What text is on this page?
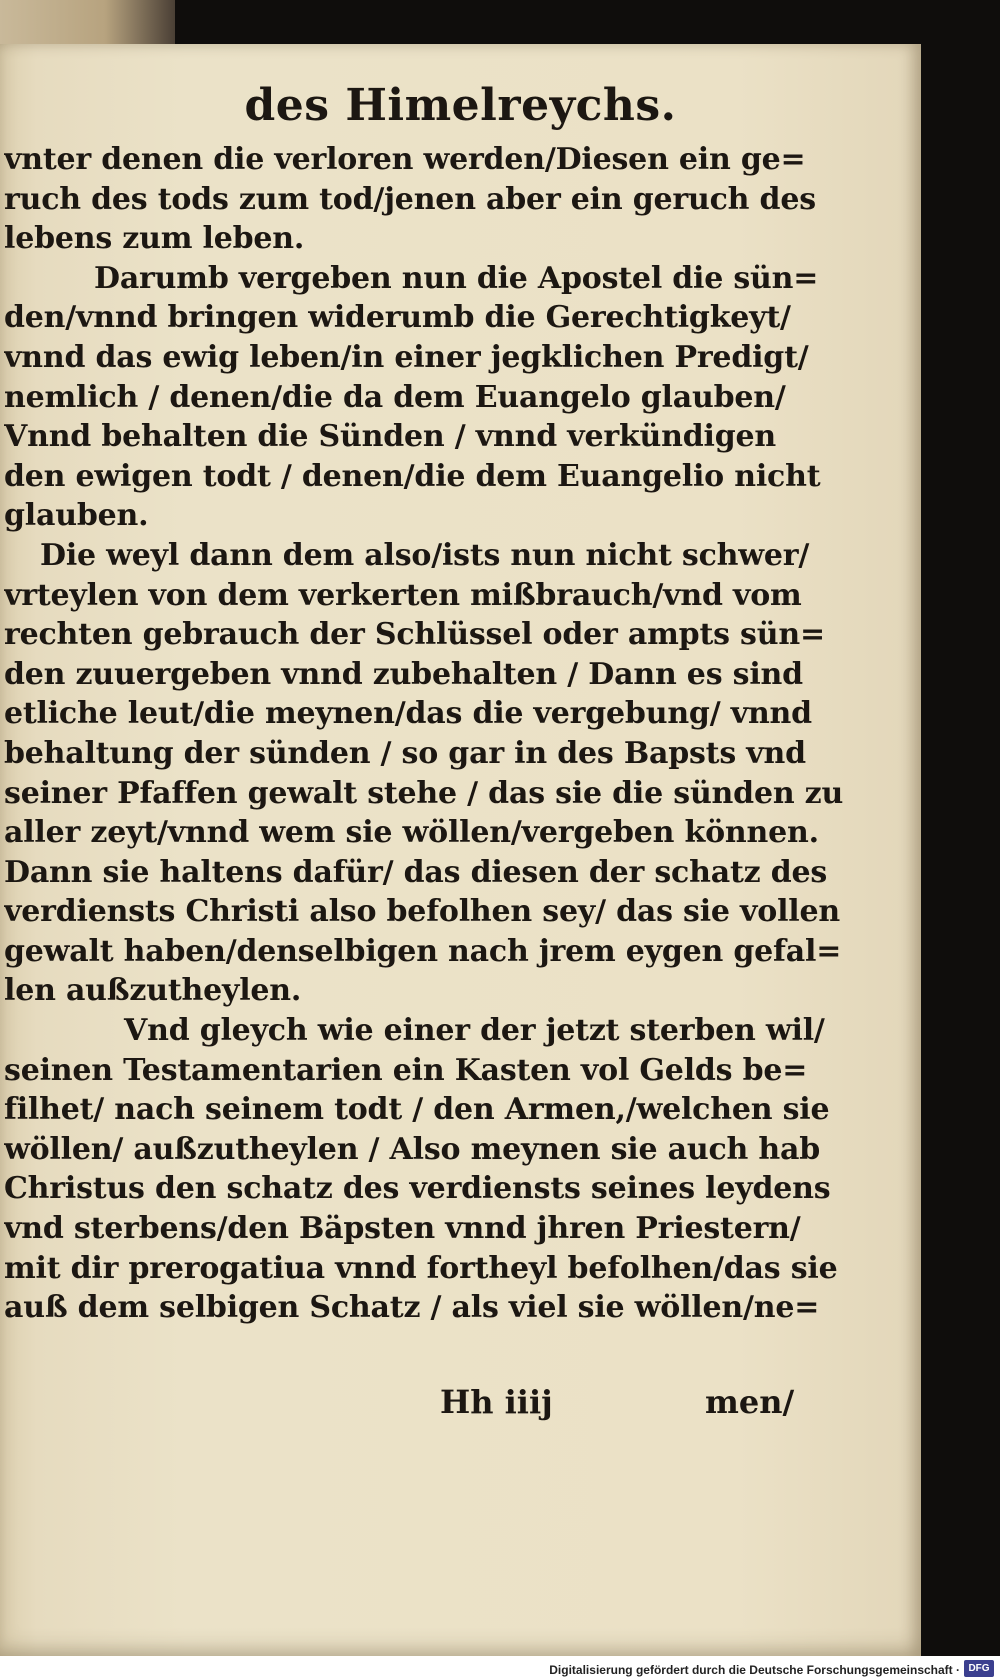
des Himelreychs.
vnter denen die verloren werden/Diesen ein ge=
ruch des tods zum tod/jenen aber ein geruch des
lebens zum leben.
Darumb vergeben nun die Apostel die sün=
den/vnnd bringen widerumb die Gerechtigkeyt/
vnnd das ewig leben/in einer jegklichen Predigt/
nemlich / denen/die da dem Euangelo glauben/
Vnnd behalten die Sünden / vnnd verkündigen
den ewigen todt / denen/die dem Euangelio nicht
glauben.
Die weyl dann dem also/ists nun nicht schwer/
vrteylen von dem verkerten mißbrauch/vnd vom
rechten gebrauch der Schlüssel oder ampts sün=
den zuuergeben vnnd zubehalten / Dann es sind
etliche leut/die meynen/das die vergebung/ vnnd
behaltung der sünden / so gar in des Bapsts vnd
seiner Pfaffen gewalt stehe / das sie die sünden zu
aller zeyt/vnnd wem sie wöllen/vergeben können.
Dann sie haltens dafür/ das diesen der schatz des
verdiensts Christi also befolhen sey/ das sie vollen
gewalt haben/denselbigen nach jrem eygen gefal=
len außzutheylen.
Vnd gleych wie einer der jetzt sterben wil/
seinen Testamentarien ein Kasten vol Gelds be=
filhet/ nach seinem todt / den Armen,/welchen sie
wöllen/ außzutheylen / Also meynen sie auch hab
Christus den schatz des verdiensts seines leydens
vnd sterbens/den Bäpsten vnnd jhren Priestern/
mit dir prerogatiua vnnd fortheyl befolhen/das sie
auß dem selbigen Schatz / als viel sie wöllen/ne=
Hh iiij	men/
Digitalisierung gefördert durch die Deutsche Forschungsgemeinschaft · DFG
